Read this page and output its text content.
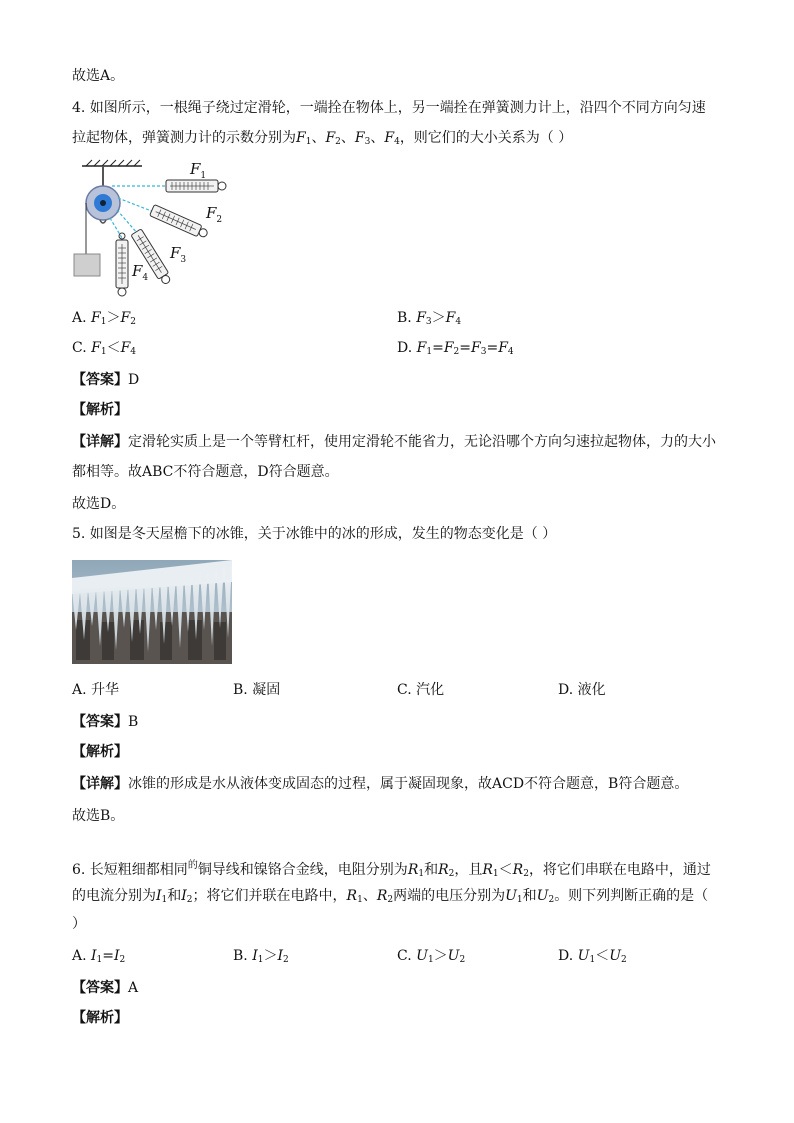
故选A。
4. 如图所示，一根绳子绕过定滑轮，一端拴在物体上，另一端拴在弹簧测力计上，沿四个不同方向匀速
拉起物体，弹簧测力计的示数分别为$F_1$、$F_2$、$F_3$、$F_4$，则它们的大小关系为（ ）
$F_1$
$F_2$
$F_3$
$F_4$
A. $F_1>F_2$	B. $F_3>F_4$
C. $F_1<F_4$	D. $F_1=F_2=F_3=F_4$
【答案】D
【解析】
【详解】定滑轮实质上是一个等臂杠杆，使用定滑轮不能省力，无论沿哪个方向匀速拉起物体，力的大小
都相等。故ABC不符合题意，D符合题意。
故选D。
5. 如图是冬天屋檐下的冰锥，关于冰锥中的冰的形成，发生的物态变化是（ ）
A. 升华	B. 凝固	C. 汽化	D. 液化
【答案】B
【解析】
【详解】冰锥的形成是水从液体变成固态的过程，属于凝固现象，故ACD不符合题意，B符合题意。
故选B。
6. 长短粗细都相同$^的$铜导线和镍铬合金线，电阻分别为$R_1$和$R_2$，且$R_1<R_2$，将它们串联在电路中，通过
的电流分别为$I_1$和$I_2$；将它们并联在电路中，$R_1$、$R_2$两端的电压分别为$U_1$和$U_2$。则下列判断正确的是（
）
A. $I_1=I_2$	B. $I_1>I_2$	C. $U_1>U_2$	D. $U_1<U_2$
【答案】A
【解析】
